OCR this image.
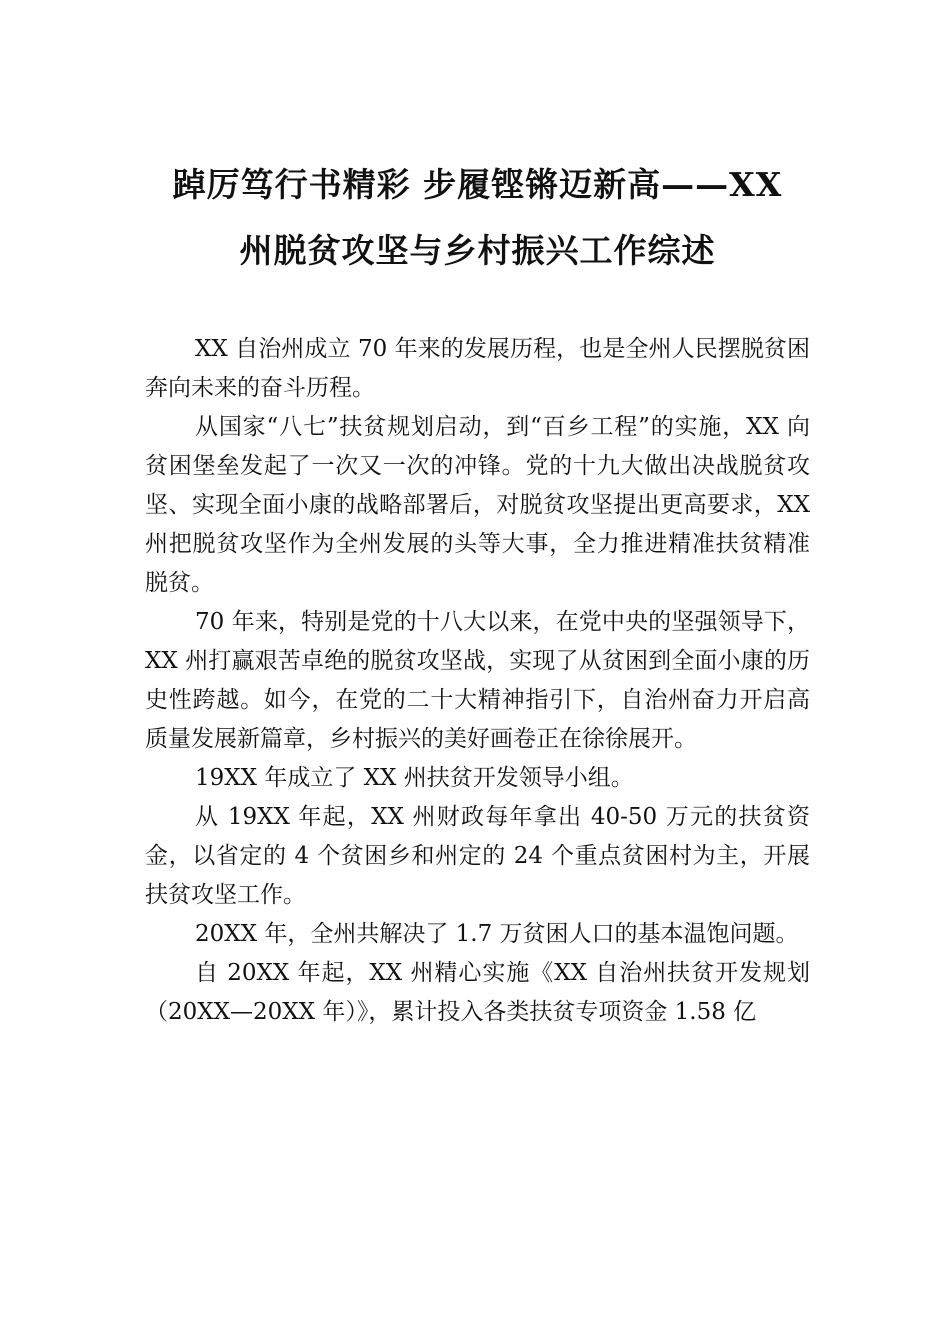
踔厉笃行书精彩 步履铿锵迈新高——XX
州脱贫攻坚与乡村振兴工作综述

XX 自治州成立 70 年来的发展历程，也是全州人民摆脱贫困奔向未来的奋斗历程。

从国家“八七”扶贫规划启动，到“百乡工程”的实施，XX 向贫困堡垒发起了一次又一次的冲锋。党的十九大做出决战脱贫攻坚、实现全面小康的战略部署后，对脱贫攻坚提出更高要求，XX 州把脱贫攻坚作为全州发展的头等大事，全力推进精准扶贫精准脱贫。

70 年来，特别是党的十八大以来，在党中央的坚强领导下，XX 州打赢艰苦卓绝的脱贫攻坚战，实现了从贫困到全面小康的历史性跨越。如今，在党的二十大精神指引下，自治州奋力开启高质量发展新篇章，乡村振兴的美好画卷正在徐徐展开。

19XX 年成立了 XX 州扶贫开发领导小组。

从 19XX 年起，XX 州财政每年拿出 40-50 万元的扶贫资金，以省定的 4 个贫困乡和州定的 24 个重点贫困村为主，开展扶贫攻坚工作。

20XX 年，全州共解决了 1.7 万贫困人口的基本温饱问题。

自 20XX 年起，XX 州精心实施《XX 自治州扶贫开发规划（20XX—20XX 年）》，累计投入各类扶贫专项资金 1.58 亿
